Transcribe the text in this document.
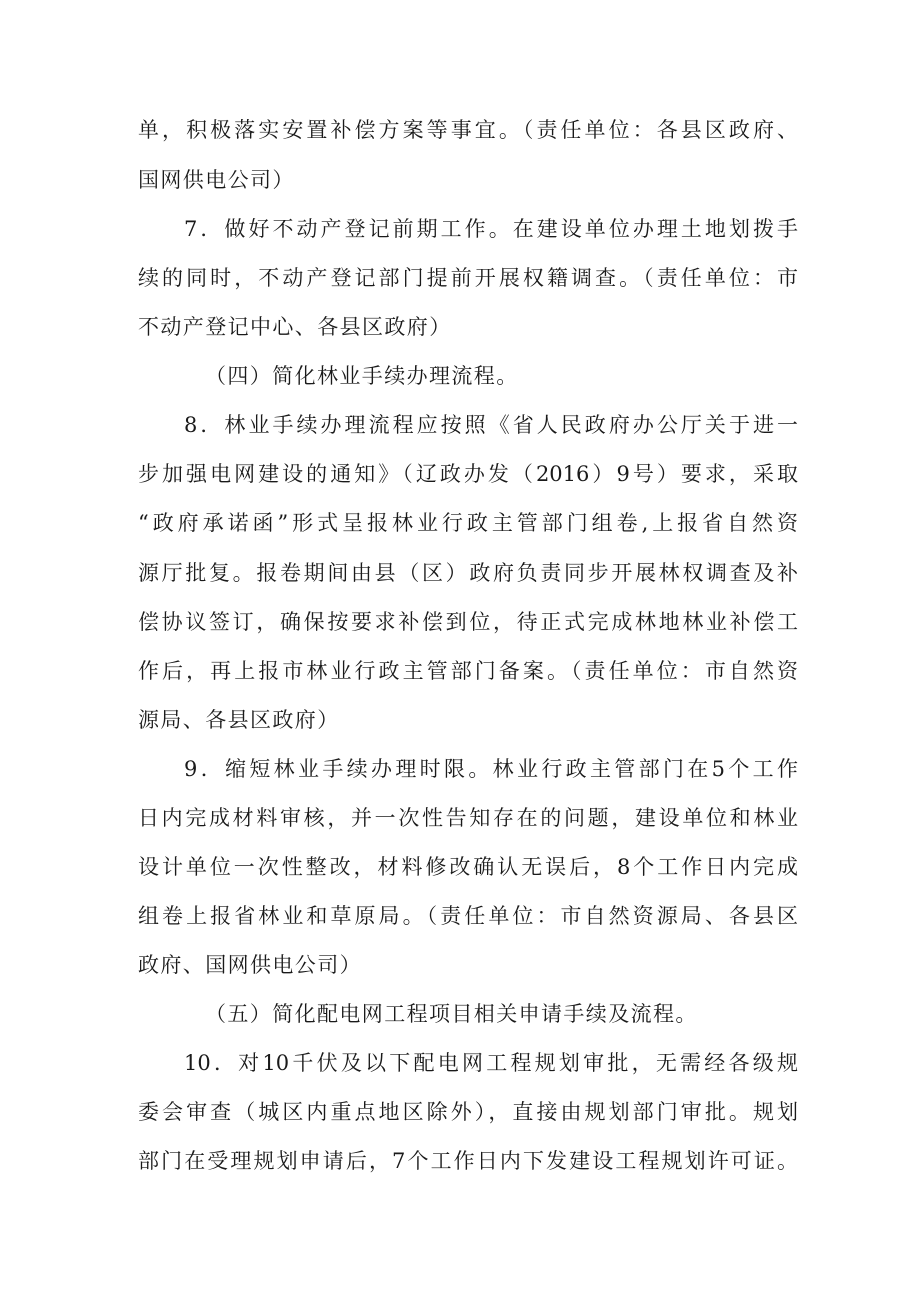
单，积极落实安置补偿方案等事宜。（责任单位：各县区政府、
国网供电公司）
7．做好不动产登记前期工作。在建设单位办理土地划拨手
续的同时，不动产登记部门提前开展权籍调查。（责任单位：市
不动产登记中心、各县区政府）
（四）简化林业手续办理流程。
8．林业手续办理流程应按照《省人民政府办公厅关于进一
步加强电网建设的通知》（辽政办发（2016）9号）要求，采取
“政府承诺函”形式呈报林业行政主管部门组卷,上报省自然资
源厅批复。报卷期间由县（区）政府负责同步开展林权调查及补
偿协议签订，确保按要求补偿到位，待正式完成林地林业补偿工
作后，再上报市林业行政主管部门备案。（责任单位：市自然资
源局、各县区政府）
9．缩短林业手续办理时限。林业行政主管部门在5个工作
日内完成材料审核，并一次性告知存在的问题，建设单位和林业
设计单位一次性整改，材料修改确认无误后，8个工作日内完成
组卷上报省林业和草原局。（责任单位：市自然资源局、各县区
政府、国网供电公司）
（五）简化配电网工程项目相关申请手续及流程。
10．对10千伏及以下配电网工程规划审批，无需经各级规
委会审查（城区内重点地区除外），直接由规划部门审批。规划
部门在受理规划申请后，7个工作日内下发建设工程规划许可证。
